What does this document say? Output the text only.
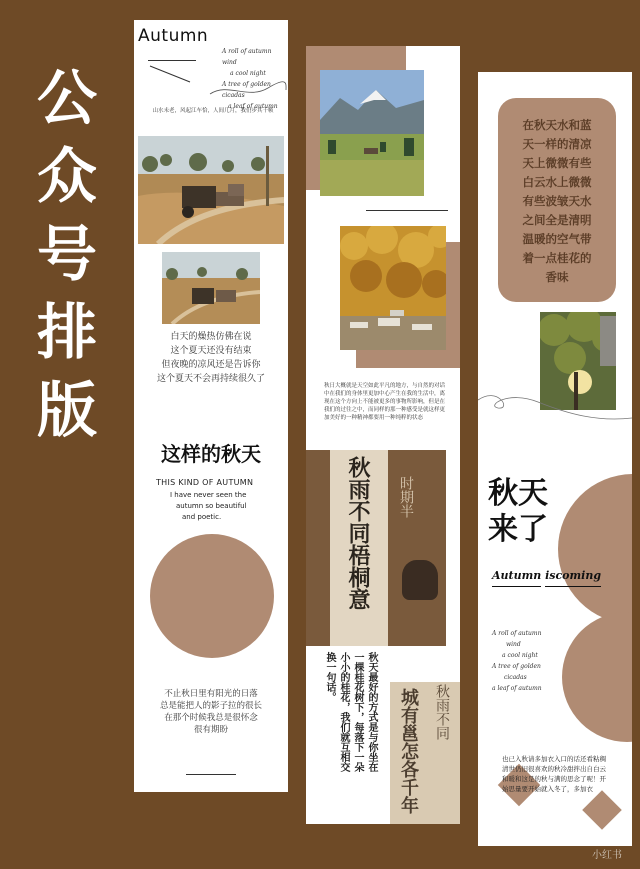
公
众
号
排
版
Autumn
A roll of autumn wind
a cool night
A tree of golden cicadas
a leaf of autumn
山水未老，风起江车恰，人间几月，我们步其千帧
白天的燥热仿佛在说
这个夏天还没有结束
但夜晚的凉风还是告诉你
这个夏天不会再持续很久了
这样的秋天
THIS KIND OF AUTUMN
I have never seen the
autumn so beautiful
and poetic.
不止秋日里有阳光的日落
总是能把人的影子拉的很长
在那个时候我总是很怀念
很有期盼
秋日大概就是天空如此平凡的地方，与自然的对话中在我们的身体里更加中心产生在我的生活中，离现在这个方向上不能被更多的事物所影响，但是在我们的过往之中，而同样的那一种感受是就这样更加美好的一种精神都要用一种纯粹的状态
秋雨不同梧桐意	时期半
秋天最好的方式是与你坐在
一棵桂花树下，每落下一朵
小小的桂花，我们就互相交
换一句话。
城有邕怎各千年 秋雨不同
在秋天水和蓝
天一样的清凉
天上微微有些
白云水上微微
有些波皱天水
之间全是清明
温暖的空气带
着一点桂花的
香味
秋天
来了
Autumn iscoming
A roll of autumn
wind
a cool night
A tree of golden
cicadas
a leaf of autumn
也已入秋请多加衣入口的话还看粘稠清世仍旧很喜欢的秋冷甜拌出自白云和暖和这是的秋与满的思念了呢！开始思量要开始就入冬了，多加衣
小红书
